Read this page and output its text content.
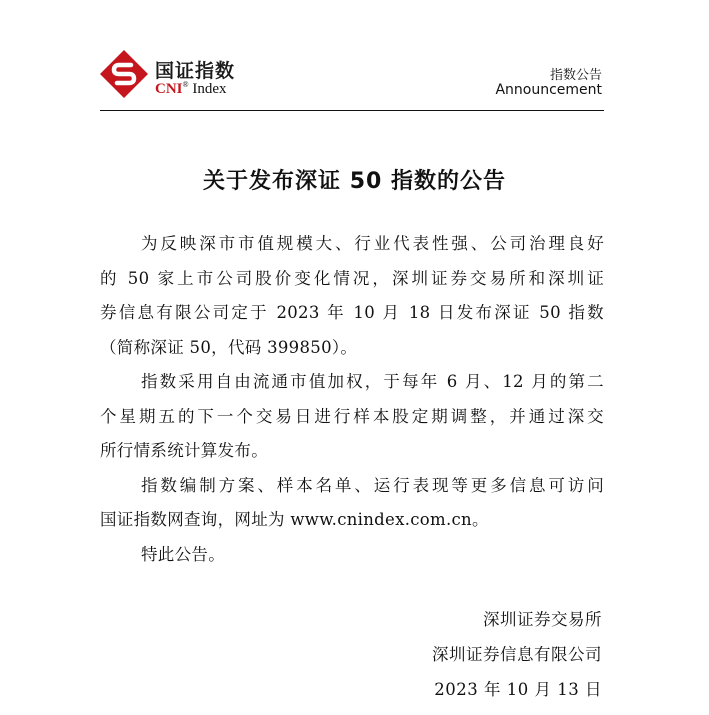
国证指数
CNI® Index
指数公告
Announcement
关于发布深证 50 指数的公告
为反映深市市值规模大、行业代表性强、公司治理良好
的 50 家上市公司股价变化情况，深圳证券交易所和深圳证
券信息有限公司定于 2023 年 10 月 18 日发布深证 50 指数
（简称深证 50，代码 399850）。
指数采用自由流通市值加权，于每年 6 月、12 月的第二
个星期五的下一个交易日进行样本股定期调整，并通过深交
所行情系统计算发布。
指数编制方案、样本名单、运行表现等更多信息可访问
国证指数网查询，网址为 www.cnindex.com.cn。
特此公告。
深圳证券交易所
深圳证券信息有限公司
2023 年 10 月 13 日
